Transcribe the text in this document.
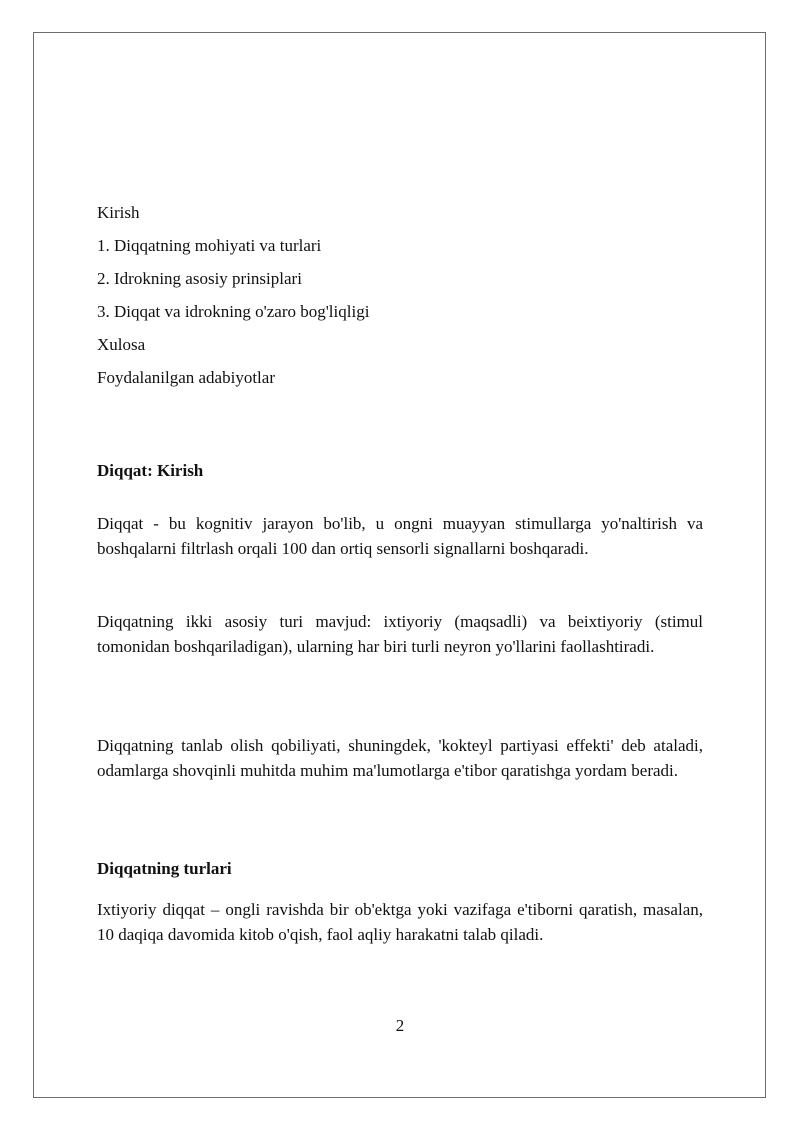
Kirish
1. Diqqatning mohiyati va turlari
2. Idrokning asosiy prinsiplari
3. Diqqat va idrokning o'zaro bog'liqligi
Xulosa
Foydalanilgan adabiyotlar
Diqqat: Kirish

Diqqat - bu kognitiv jarayon bo'lib, u ongni muayyan stimullarga yo'naltirish va boshqalarni filtrlash orqali 100 dan ortiq sensorli signallarni boshqaradi.

Diqqatning ikki asosiy turi mavjud: ixtiyoriy (maqsadli) va beixtiyoriy (stimul tomonidan boshqariladigan), ularning har biri turli neyron yo'llarini faollashtiradi.

Diqqatning tanlab olish qobiliyati, shuningdek, 'kokteyl partiyasi effekti' deb ataladi, odamlarga shovqinli muhitda muhim ma'lumotlarga e'tibor qaratishga yordam beradi.

Diqqatning turlari

Ixtiyoriy diqqat – ongli ravishda bir ob'ektga yoki vazifaga e'tiborni qaratish, masalan, 10 daqiqa davomida kitob o'qish, faol aqliy harakatni talab qiladi.

2
